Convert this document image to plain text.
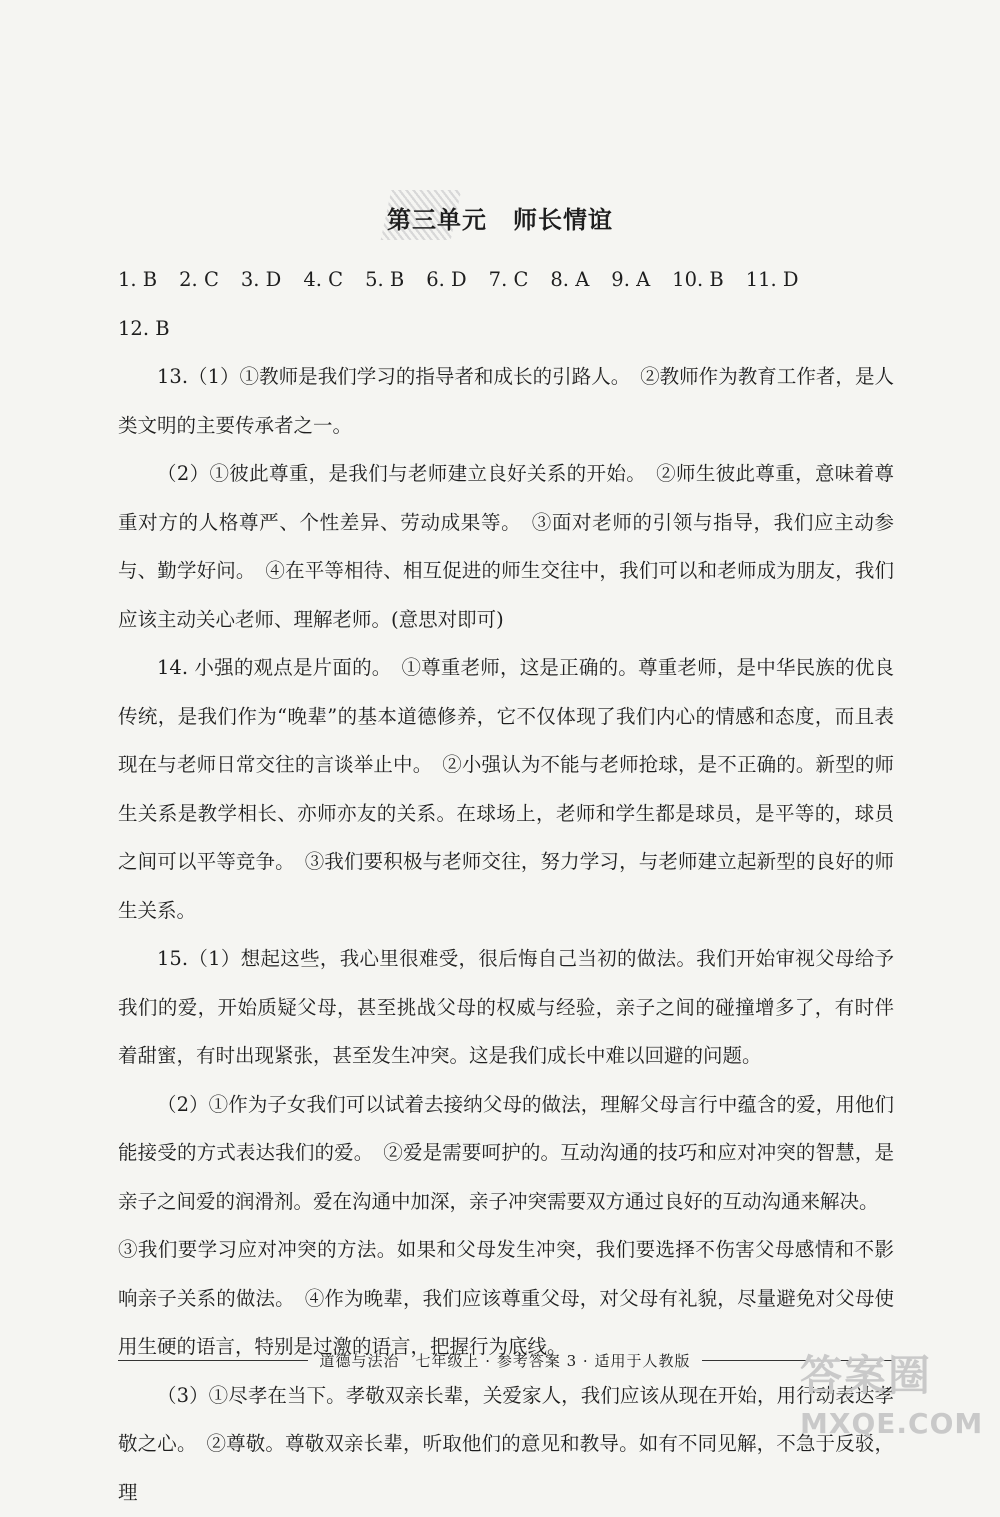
第三单元 师长情谊
1. B 2. C 3. D 4. C 5. B 6. D 7. C 8. A 9. A 10. B 11. D

12. B

13.（1）①教师是我们学习的指导者和成长的引路人。　②教师作为教育工作者，是人类文明的主要传承者之一。

（2）①彼此尊重，是我们与老师建立良好关系的开始。　②师生彼此尊重，意味着尊重对方的人格尊严、个性差异、劳动成果等。　③面对老师的引领与指导，我们应主动参与、勤学好问。　④在平等相待、相互促进的师生交往中，我们可以和老师成为朋友，我们应该主动关心老师、理解老师。(意思对即可)

14. 小强的观点是片面的。　①尊重老师，这是正确的。尊重老师，是中华民族的优良传统，是我们作为“晚辈”的基本道德修养，它不仅体现了我们内心的情感和态度，而且表现在与老师日常交往的言谈举止中。　②小强认为不能与老师抢球，是不正确的。新型的师生关系是教学相长、亦师亦友的关系。在球场上，老师和学生都是球员，是平等的，球员之间可以平等竞争。　③我们要积极与老师交往，努力学习，与老师建立起新型的良好的师生关系。

15.（1）想起这些，我心里很难受，很后悔自己当初的做法。我们开始审视父母给予我们的爱，开始质疑父母，甚至挑战父母的权威与经验，亲子之间的碰撞增多了，有时伴着甜蜜，有时出现紧张，甚至发生冲突。这是我们成长中难以回避的问题。

（2）①作为子女我们可以试着去接纳父母的做法，理解父母言行中蕴含的爱，用他们能接受的方式表达我们的爱。　②爱是需要呵护的。互动沟通的技巧和应对冲突的智慧，是亲子之间爱的润滑剂。爱在沟通中加深，亲子冲突需要双方通过良好的互动沟通来解决。

③我们要学习应对冲突的方法。如果和父母发生冲突，我们要选择不伤害父母感情和不影响亲子关系的做法。　④作为晚辈，我们应该尊重父母，对父母有礼貌，尽量避免对父母使用生硬的语言，特别是过激的语言，把握行为底线。

（3）①尽孝在当下。孝敬双亲长辈，关爱家人，我们应该从现在开始，用行动表达孝敬之心。　②尊敬。尊敬双亲长辈，听取他们的意见和教导。如有不同见解，不急于反驳，理

道德与法治　七年级上 · 参考答案 3 · 适用于人教版	答案圈
MXQE.COM
